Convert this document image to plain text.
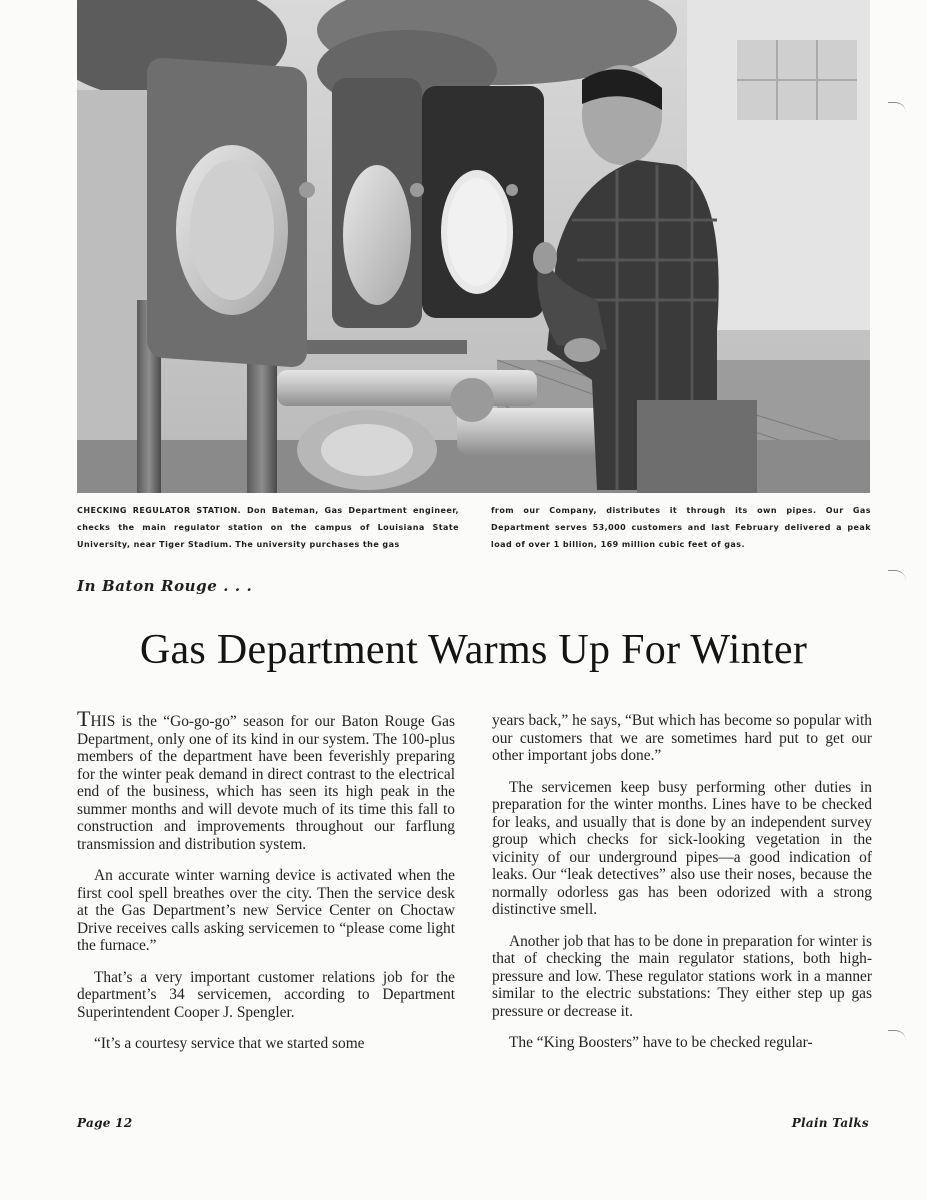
CHECKING REGULATOR STATION. Don Bateman, Gas Department engineer, checks the main regulator station on the campus of Louisiana State University, near Tiger Stadium. The university purchases the gas
from our Company, distributes it through its own pipes. Our Gas Department serves 53,000 customers and last February delivered a peak load of over 1 billion, 169 million cubic feet of gas.
In Baton Rouge . . .
Gas Department Warms Up For Winter

THIS is the “Go-go-go” season for our Baton Rouge Gas Department, only one of its kind in our system. The 100-plus members of the department have been feverishly preparing for the winter peak demand in direct contrast to the electrical end of the business, which has seen its high peak in the summer months and will devote much of its time this fall to construction and improvements throughout our farflung transmission and distribution system.

An accurate winter warning device is activated when the first cool spell breathes over the city. Then the service desk at the Gas Department’s new Service Center on Choctaw Drive receives calls asking servicemen to “please come light the furnace.”

That’s a very important customer relations job for the department’s 34 servicemen, according to Department Superintendent Cooper J. Spengler.

“It’s a courtesy service that we started some

years back,” he says, “But which has become so popular with our customers that we are sometimes hard put to get our other important jobs done.”

The servicemen keep busy performing other duties in preparation for the winter months. Lines have to be checked for leaks, and usually that is done by an independent survey group which checks for sick-looking vegetation in the vicinity of our underground pipes—a good indication of leaks. Our “leak detectives” also use their noses, because the normally odorless gas has been odorized with a strong distinctive smell.

Another job that has to be done in preparation for winter is that of checking the main regulator stations, both high-pressure and low. These regulator stations work in a manner similar to the electric substations: They either step up gas pressure or decrease it.

The “King Boosters” have to be checked regular-

Page 12	Plain Talks
